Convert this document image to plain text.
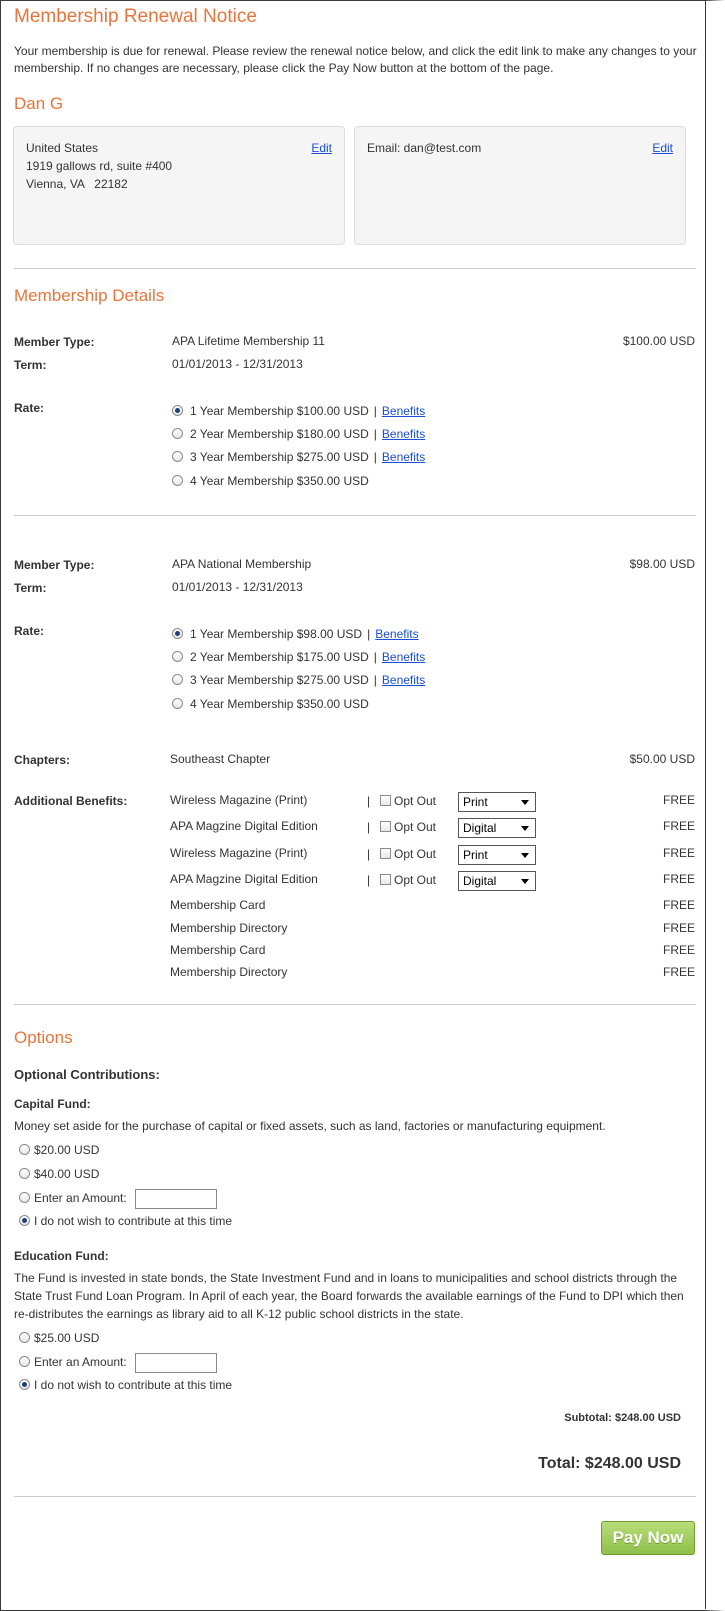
Membership Renewal Notice
Your membership is due for renewal. Please review the renewal notice below, and click the edit link to make any changes to your membership. If no changes are necessary, please click the Pay Now button at the bottom of the page.
Dan G
United States
1919 gallows rd, suite #400
Vienna, VA   22182
Edit	Email: dan@test.com	Edit
Membership Details
Member Type:	APA Lifetime Membership 11	$100.00 USD
Term:	01/01/2013 - 12/31/2013
Rate:	1 Year Membership $100.00 USD | Benefits
2 Year Membership $180.00 USD | Benefits
3 Year Membership $275.00 USD | Benefits
4 Year Membership $350.00 USD
Member Type:	APA National Membership	$98.00 USD
Term:	01/01/2013 - 12/31/2013
Rate:	1 Year Membership $98.00 USD | Benefits
2 Year Membership $175.00 USD | Benefits
3 Year Membership $275.00 USD | Benefits
4 Year Membership $350.00 USD
Chapters:	Southeast Chapter	$50.00 USD
Additional Benefits:	Wireless Magazine (Print)	|	Opt Out	Print	FREE
APA Magzine Digital Edition	|	Opt Out	Digital	FREE
Wireless Magazine (Print)	|	Opt Out	Print	FREE
APA Magzine Digital Edition	|	Opt Out	Digital	FREE
Membership Card	FREE
Membership Directory	FREE
Membership Card	FREE
Membership Directory	FREE
Options
Optional Contributions:
Capital Fund:
Money set aside for the purchase of capital or fixed assets, such as land, factories or manufacturing equipment.
$20.00 USD
$40.00 USD
Enter an Amount:
I do not wish to contribute at this time
Education Fund:
The Fund is invested in state bonds, the State Investment Fund and in loans to municipalities and school districts through the State Trust Fund Loan Program. In April of each year, the Board forwards the available earnings of the Fund to DPI which then re-distributes the earnings as library aid to all K-12 public school districts in the state.
$25.00 USD
Enter an Amount:
I do not wish to contribute at this time
Subtotal: $248.00 USD
Total: $248.00 USD
Pay Now
